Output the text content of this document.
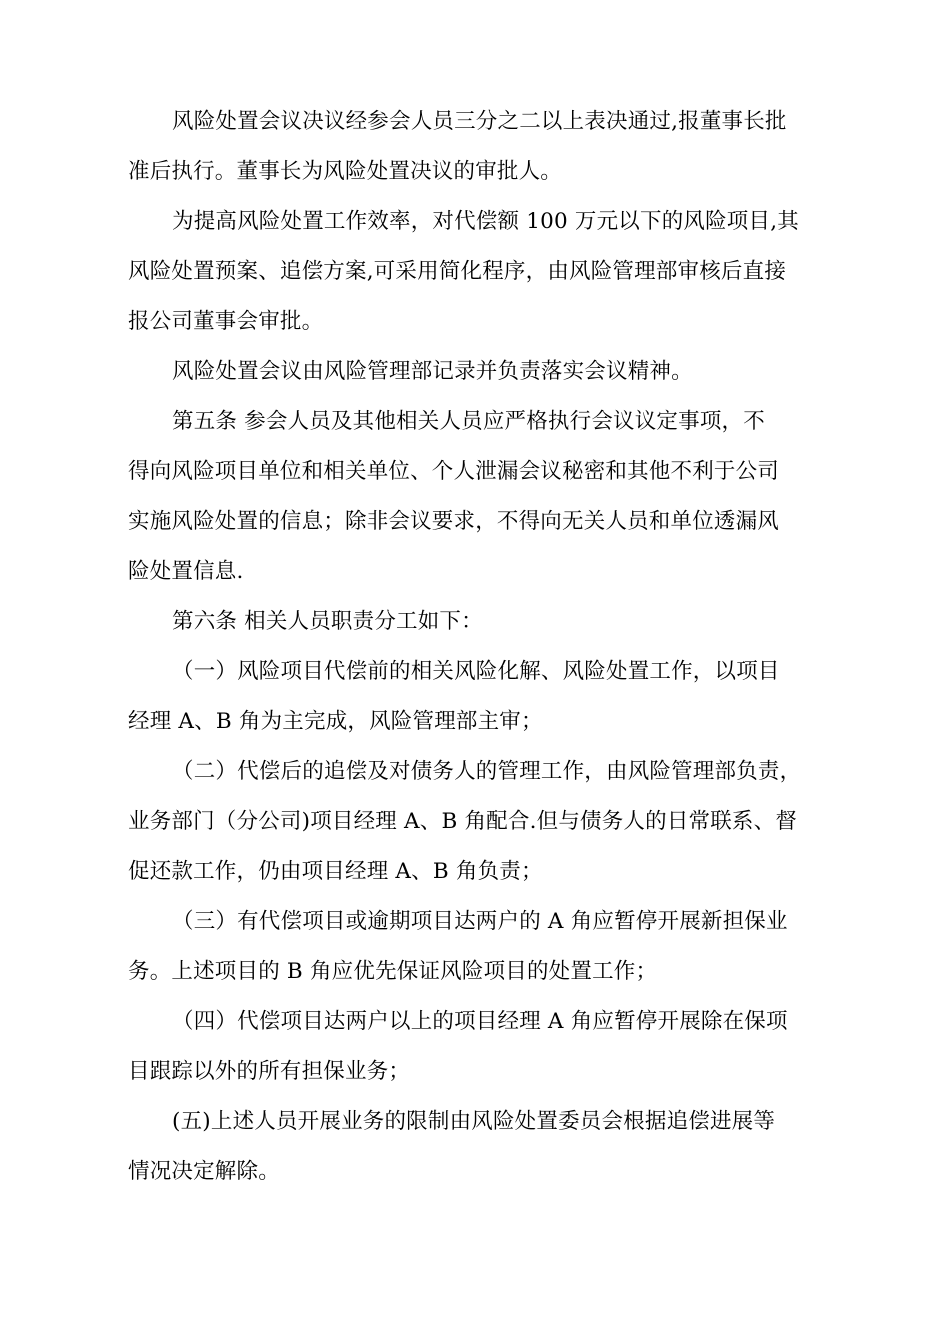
风险处置会议决议经参会人员三分之二以上表决通过,报董事长批
准后执行。董事长为风险处置决议的审批人。
为提高风险处置工作效率，对代偿额 100 万元以下的风险项目,其
风险处置预案、追偿方案,可采用简化程序，由风险管理部审核后直接
报公司董事会审批。
风险处置会议由风险管理部记录并负责落实会议精神。
第五条 参会人员及其他相关人员应严格执行会议议定事项，不
得向风险项目单位和相关单位、个人泄漏会议秘密和其他不利于公司
实施风险处置的信息；除非会议要求，不得向无关人员和单位透漏风
险处置信息.
第六条 相关人员职责分工如下：
（一）风险项目代偿前的相关风险化解、风险处置工作，以项目
经理 A、B 角为主完成，风险管理部主审；
（二）代偿后的追偿及对债务人的管理工作，由风险管理部负责，
业务部门（分公司)项目经理 A、B 角配合.但与债务人的日常联系、督
促还款工作，仍由项目经理 A、B 角负责；
（三）有代偿项目或逾期项目达两户的 A 角应暂停开展新担保业
务。上述项目的 B 角应优先保证风险项目的处置工作；
（四）代偿项目达两户以上的项目经理 A 角应暂停开展除在保项
目跟踪以外的所有担保业务；
(五)上述人员开展业务的限制由风险处置委员会根据追偿进展等
情况决定解除。
